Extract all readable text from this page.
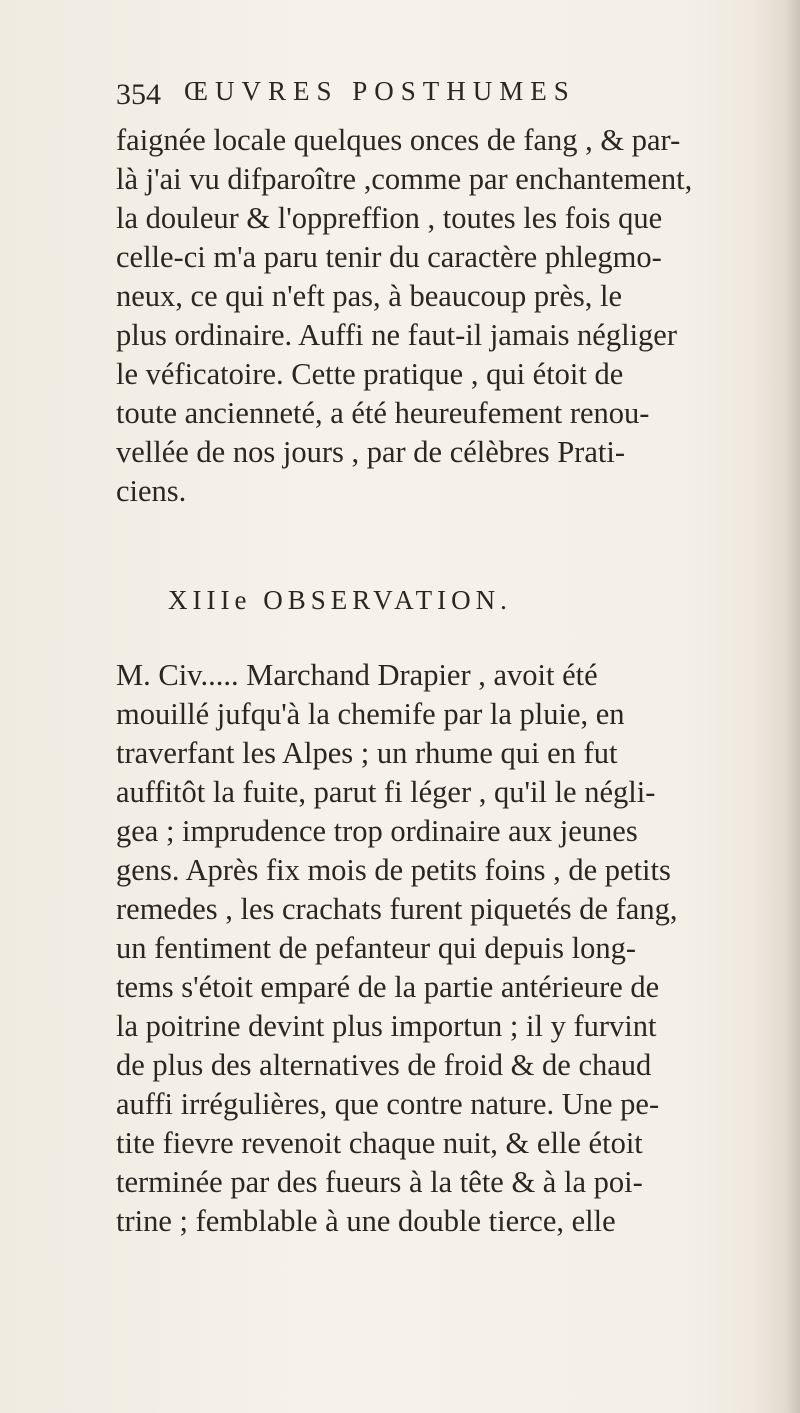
354 ŒUVRES POSTHUMES
faignée locale quelques onces de fang , & par-
là j'ai vu difparoître ,comme par enchantement,
la douleur & l'oppreffion , toutes les fois que
celle-ci m'a paru tenir du caractère phlegmo-
neux, ce qui n'eft pas, à beaucoup près, le
plus ordinaire. Auffi ne faut-il jamais négliger
le véficatoire. Cette pratique , qui étoit de
toute ancienneté, a été heureufement renou-
vellée de nos jours , par de célèbres Prati-
ciens.
M. Civ..... Marchand Drapier , avoit été
mouillé jufqu'à la chemife par la pluie, en
traverfant les Alpes ; un rhume qui en fut
auffitôt la fuite, parut fi léger , qu'il le négli-
gea ; imprudence trop ordinaire aux jeunes
gens. Après fix mois de petits foins , de petits
remedes , les crachats furent piquetés de fang,
un fentiment de pefanteur qui depuis long-
tems s'étoit emparé de la partie antérieure de
la poitrine devint plus importun ; il y furvint
de plus des alternatives de froid & de chaud
auffi irrégulières, que contre nature. Une pe-
tite fievre revenoit chaque nuit, & elle étoit
terminée par des fueurs à la tête & à la poi-
trine ; femblable à une double tierce, elle
XIIIe OBSERVATION.
